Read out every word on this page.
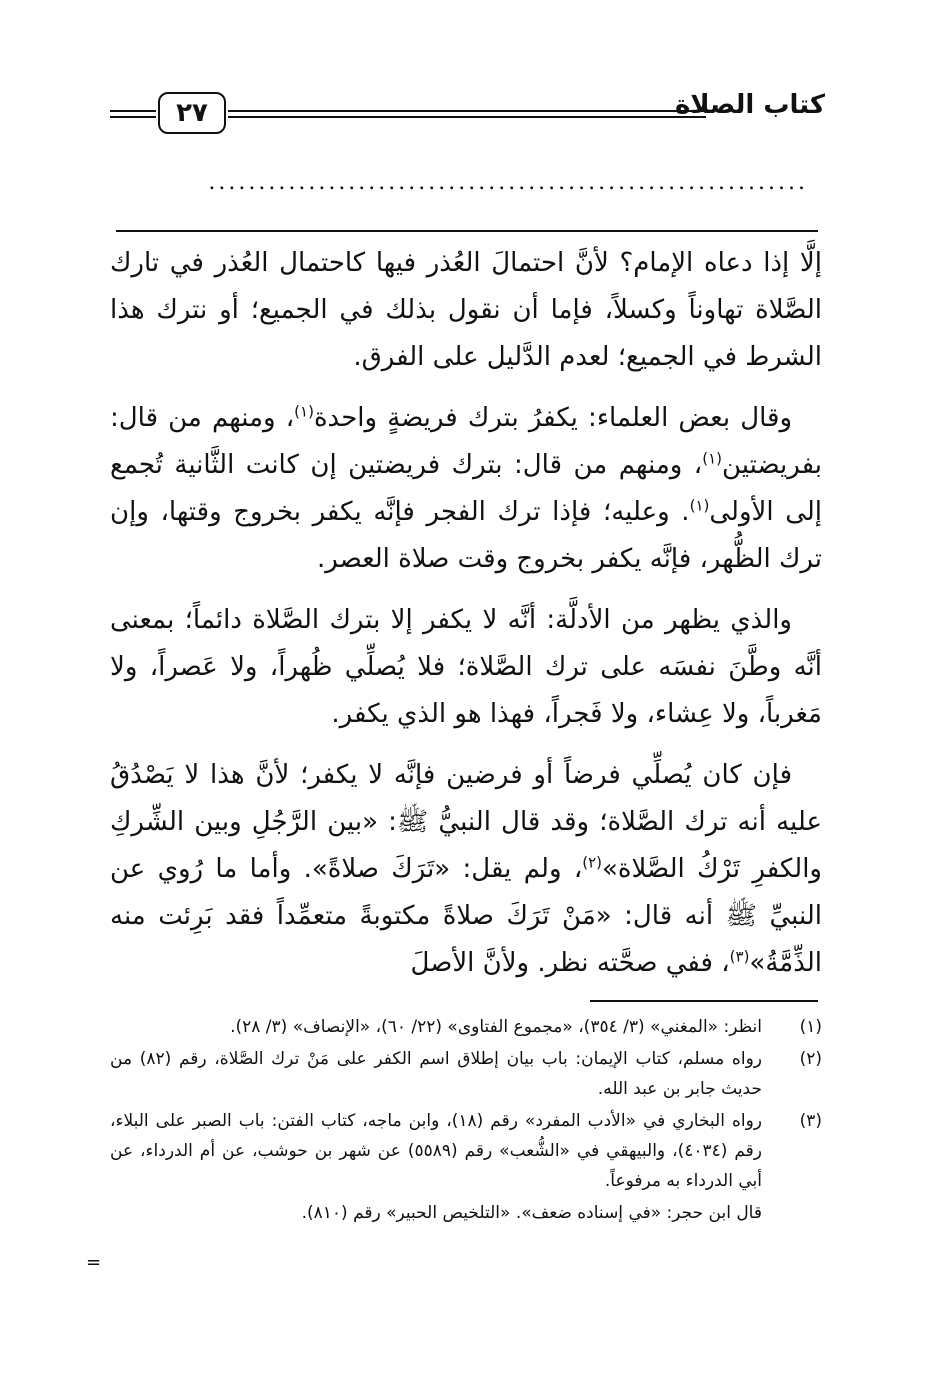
٢٧	كتاب الصلاة
............................................................

إلَّا إذا دعاه الإمام؟ لأنَّ احتمالَ العُذر فيها كاحتمال العُذر في تارك الصَّلاة تهاوناً وكسلاً، فإما أن نقول بذلك في الجميع؛ أو نترك هذا الشرط في الجميع؛ لعدم الدَّليل على الفرق.

وقال بعض العلماء: يكفرُ بترك فريضةٍ واحدة$^{(١)}$، ومنهم من قال: بفريضتين$^{(١)}$، ومنهم من قال: بترك فريضتين إن كانت الثَّانية تُجمع إلى الأولى$^{(١)}$. وعليه؛ فإذا ترك الفجر فإنَّه يكفر بخروج وقتها، وإن ترك الظُّهر، فإنَّه يكفر بخروج وقت صلاة العصر.

والذي يظهر من الأدلَّة: أنَّه لا يكفر إلا بترك الصَّلاة دائماً؛ بمعنى أنَّه وطَّنَ نفسَه على ترك الصَّلاة؛ فلا يُصلِّي ظُهراً، ولا عَصراً، ولا مَغرباً، ولا عِشاء، ولا فَجراً، فهذا هو الذي يكفر.

فإن كان يُصلِّي فرضاً أو فرضين فإنَّه لا يكفر؛ لأنَّ هذا لا يَصْدُقُ عليه أنه ترك الصَّلاة؛ وقد قال النبيُّ ﷺ: «بين الرَّجُلِ وبين الشِّركِ والكفرِ تَرْكُ الصَّلاة»$^{(٢)}$، ولم يقل: «تَرَكَ صلاةً». وأما ما رُوي عن النبيِّ ﷺ أنه قال: «مَنْ تَرَكَ صلاةً مكتوبةً متعمِّداً فقد بَرِئت منه الذِّمَّةُ»$^{(٣)}$، ففي صحَّته نظر. ولأنَّ الأصلَ

(١)
انظر: «المغني» (٣/ ٣٥٤)، «مجموع الفتاوى» (٢٢/ ٦٠)، «الإنصاف» (٣/ ٢٨).
(٢)
رواه مسلم، كتاب الإيمان: باب بيان إطلاق اسم الكفر على مَنْ ترك الصَّلاة، رقم (٨٢) من حديث جابر بن عبد الله.
(٣)
رواه البخاري في «الأدب المفرد» رقم (١٨)، وابن ماجه، كتاب الفتن: باب الصبر على البلاء، رقم (٤٠٣٤)، والبيهقي في «الشُّعب» رقم (٥٥٨٩) عن شهر بن حوشب، عن أم الدرداء، عن أبي الدرداء به مرفوعاً.
قال ابن حجر: «في إسناده ضعف». «التلخيص الحبير» رقم (٨١٠).
=
